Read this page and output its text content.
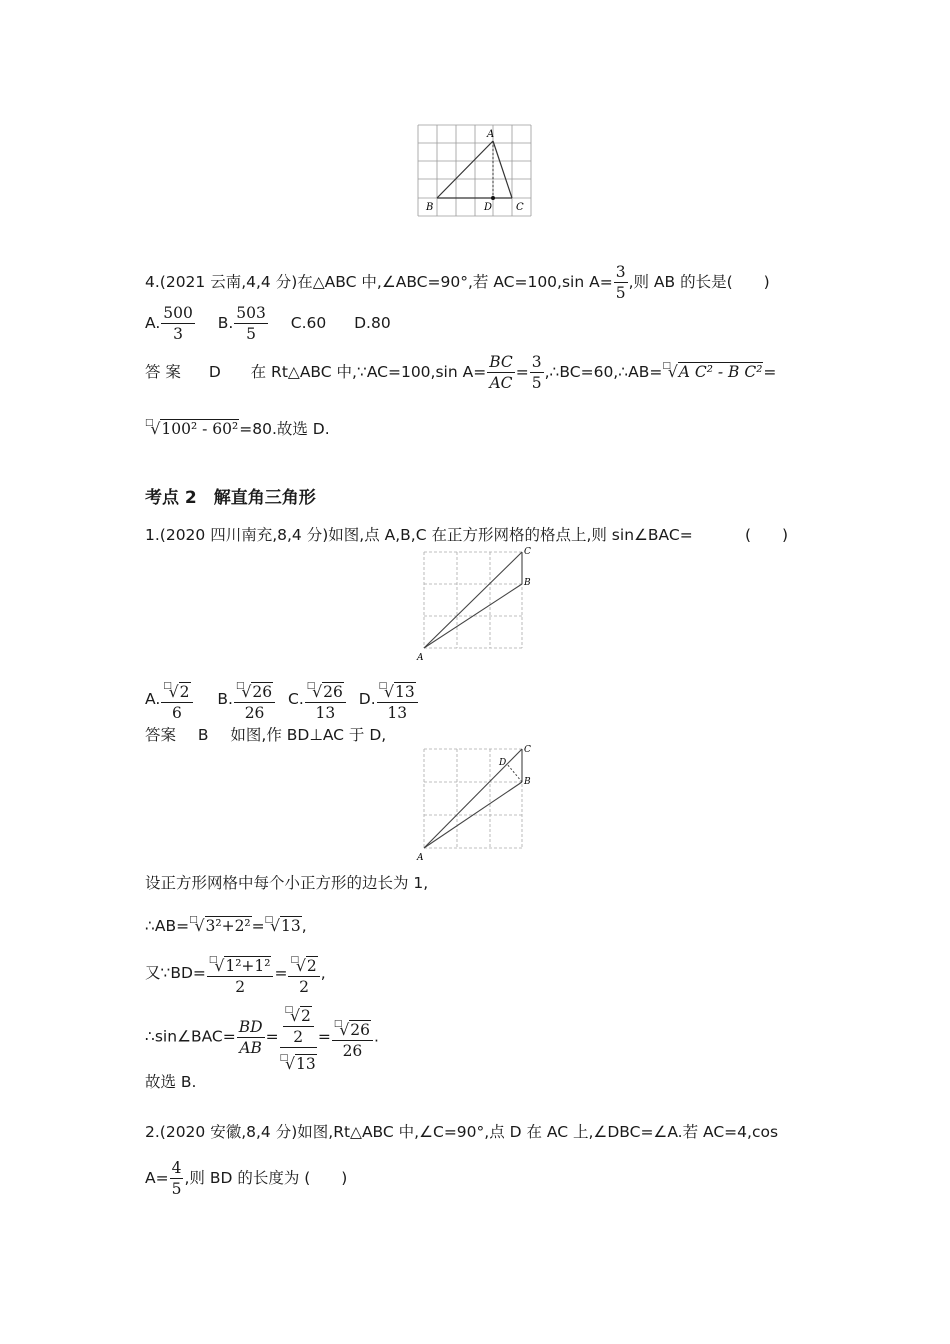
A
B	D C
4.(2021 云南,4,4 分)在△ABC 中,∠ABC=90°,若 AC=100,sin $A= \frac{3}{5}$ ,则 AB 的长是(　　)
A. $\frac{500}{3} B$. $\frac{503}{5} C.60$ D.80
答 案 D 在 Rt△ABC 中,∵AC=100,sin $A= \frac{BC}{AC} = \frac{3}{5}$ ,∴BC=60,∴AB=□√A C² - B C²=
□√100² - 60²=80.故选 D.
考点 2　解直角三角形
1.(2020 四川南充,8,4 分)如图,点 A,B,C 在正方形网格的格点上,则 sin∠BAC=	(　　)
C
B
A
A. $\frac{^□√2}{6} B$. $\frac{^□√26}{26} C$. $\frac{^□√26}{13} D$. $\frac{^□√13}{13}$
答案 B 如图,作 BD⊥AC 于 D,
C
D
B
A
设正方形网格中每个小正方形的边长为 1,
∴AB=□√3²+2²=□√13,
又∵BD= $\frac{^□√1^2+1^2}{2} = \frac{^□√2}{2}$ ,
∴sin∠BAC= $\frac{BD}{AB} = \frac{\frac{^□√2}{2}}{^□√13} = \frac{^□√26}{26}$ .
故选 B.
2.(2020 安徽,8,4 分)如图,Rt△ABC 中,∠C=90°,点 D 在 AC 上,∠DBC=∠A.若 AC=4,cos
$A= \frac{4}{5}$ ,则 BD 的长度为 (　　)
